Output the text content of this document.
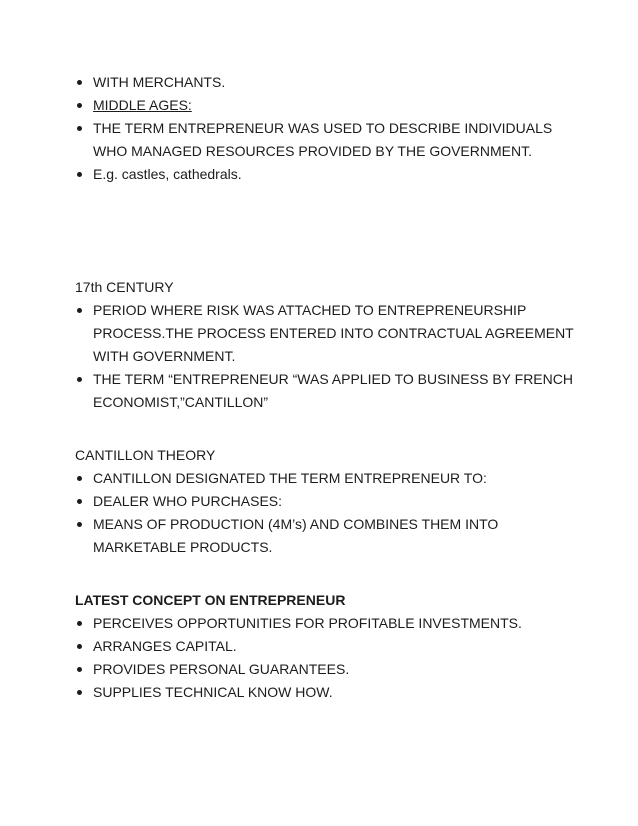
WITH MERCHANTS.
MIDDLE AGES:
THE TERM ENTREPRENEUR WAS USED TO DESCRIBE INDIVIDUALS WHO MANAGED RESOURCES PROVIDED BY THE GOVERNMENT.
E.g. castles, cathedrals.
17th CENTURY
PERIOD WHERE RISK WAS ATTACHED TO ENTREPRENEURSHIP PROCESS.THE PROCESS ENTERED INTO CONTRACTUAL AGREEMENT WITH GOVERNMENT.
THE TERM “ENTREPRENEUR “WAS APPLIED TO BUSINESS BY FRENCH ECONOMIST,”CANTILLON”
CANTILLON THEORY
CANTILLON DESIGNATED THE TERM ENTREPRENEUR TO:
DEALER WHO PURCHASES:
MEANS OF PRODUCTION (4M’s) AND COMBINES THEM INTO MARKETABLE PRODUCTS.
LATEST CONCEPT ON ENTREPRENEUR
PERCEIVES OPPORTUNITIES FOR PROFITABLE INVESTMENTS.
ARRANGES CAPITAL.
PROVIDES PERSONAL GUARANTEES.
SUPPLIES TECHNICAL KNOW HOW.
